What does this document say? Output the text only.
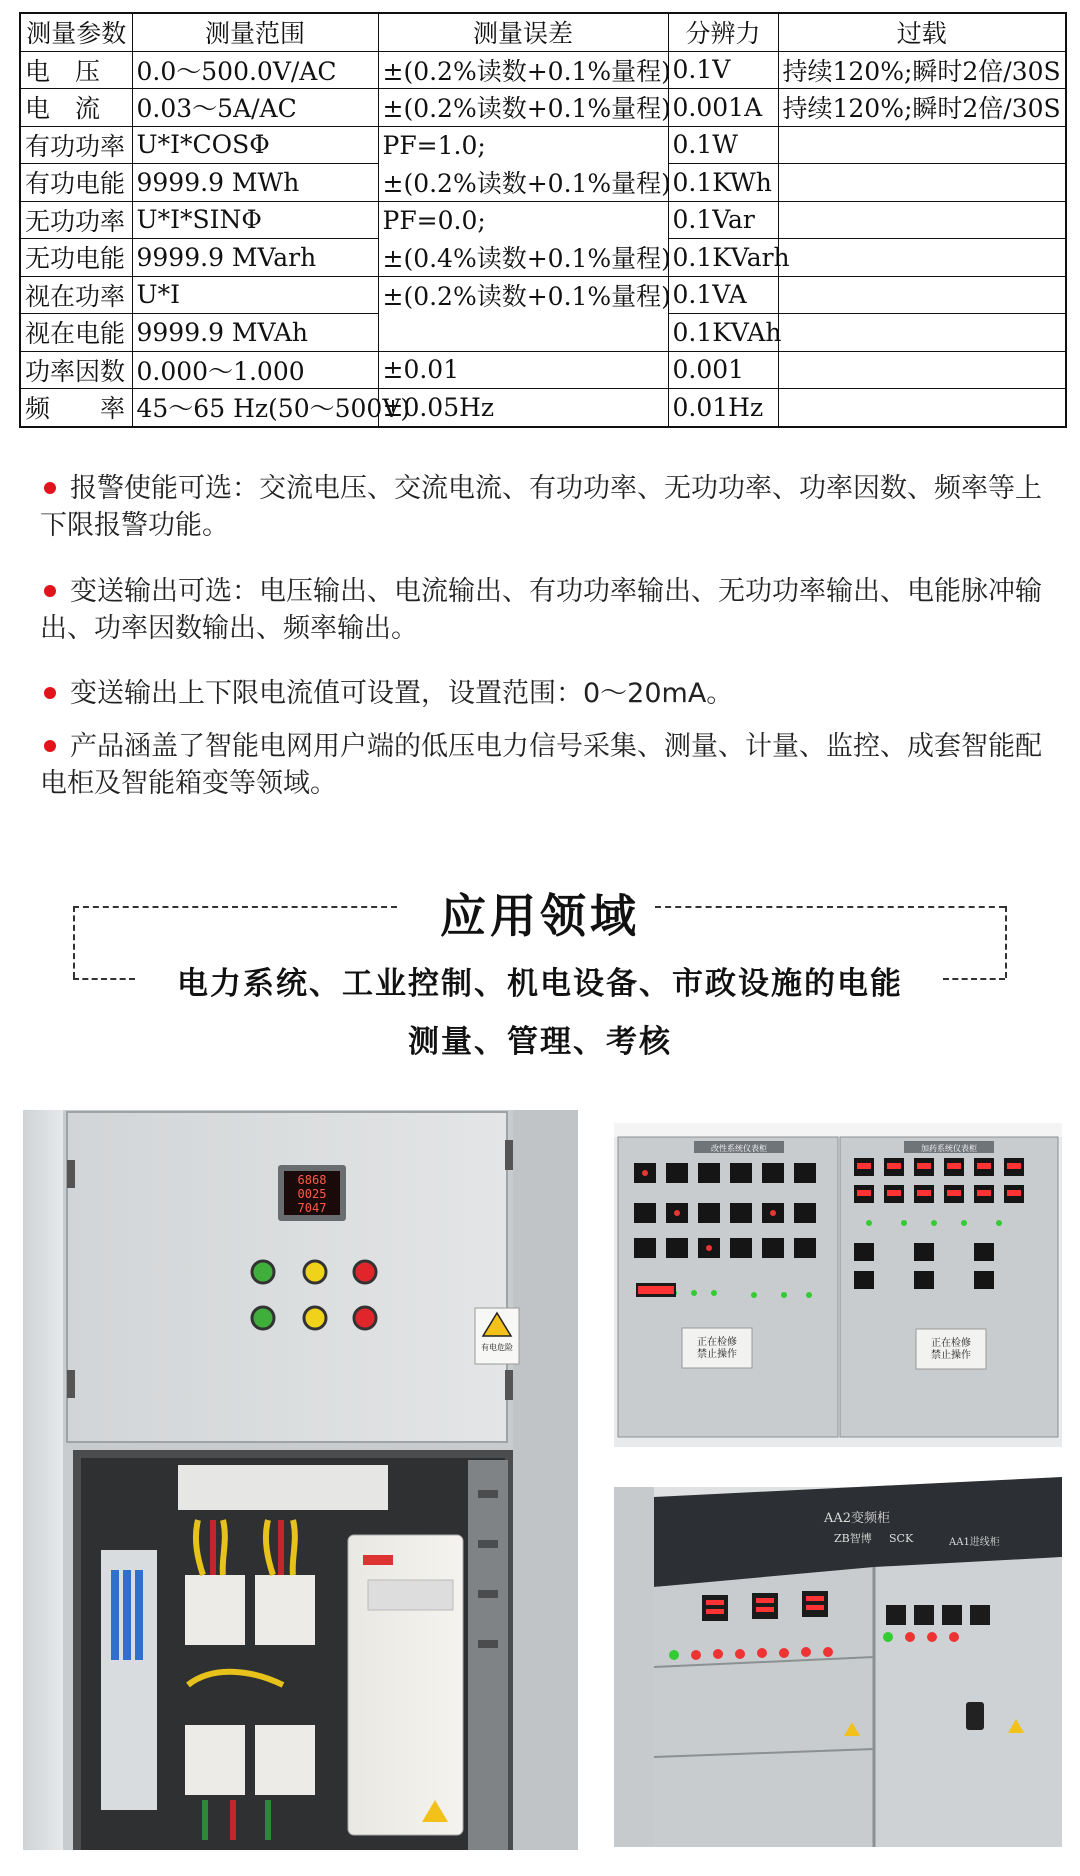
测量参数	测量范围	测量误差	分辨力	过载
电　压	0.0～500.0V/AC	±(0.2%读数+0.1%量程)	0.1V	持续120%;瞬时2倍/30S
电　流	0.03～5A/AC	±(0.2%读数+0.1%量程)	0.001A	持续120%;瞬时2倍/30S
有功功率	U*I*COSΦ	PF=1.0;	0.1W	
有功电能	9999.9 MWh	±(0.2%读数+0.1%量程)	0.1KWh	
无功功率	U*I*SINΦ	PF=0.0;	0.1Var	
无功电能	9999.9 MVarh	±(0.4%读数+0.1%量程)	0.1KVarh	
视在功率	U*I	±(0.2%读数+0.1%量程)	0.1VA	
视在电能	9999.9 MVAh		0.1KVAh	
功率因数	0.000～1.000	±0.01	0.001	
频　　率	45～65 Hz(50～500V)	±0.05Hz	0.01Hz	
报警使能可选：交流电压、交流电流、有功功率、无功功率、功率因数、频率等上下限报警功能。
变送输出可选：电压输出、电流输出、有功功率输出、无功功率输出、电能脉冲输出、功率因数输出、频率输出。
变送输出上下限电流值可设置，设置范围：0～20mA。
产品涵盖了智能电网用户端的低压电力信号采集、测量、计量、监控、成套智能配电柜及智能箱变等领域。
应用领域
电力系统、工业控制、机电设备、市政设施的电能
测量、管理、考核
6868
0025
7047
有电危险
改性系统仪表柜	加药系统仪表柜
正在检修禁止操作
正在检修禁止操作
AA2变频柜
ZB智博 SCK	AA1进线柜
